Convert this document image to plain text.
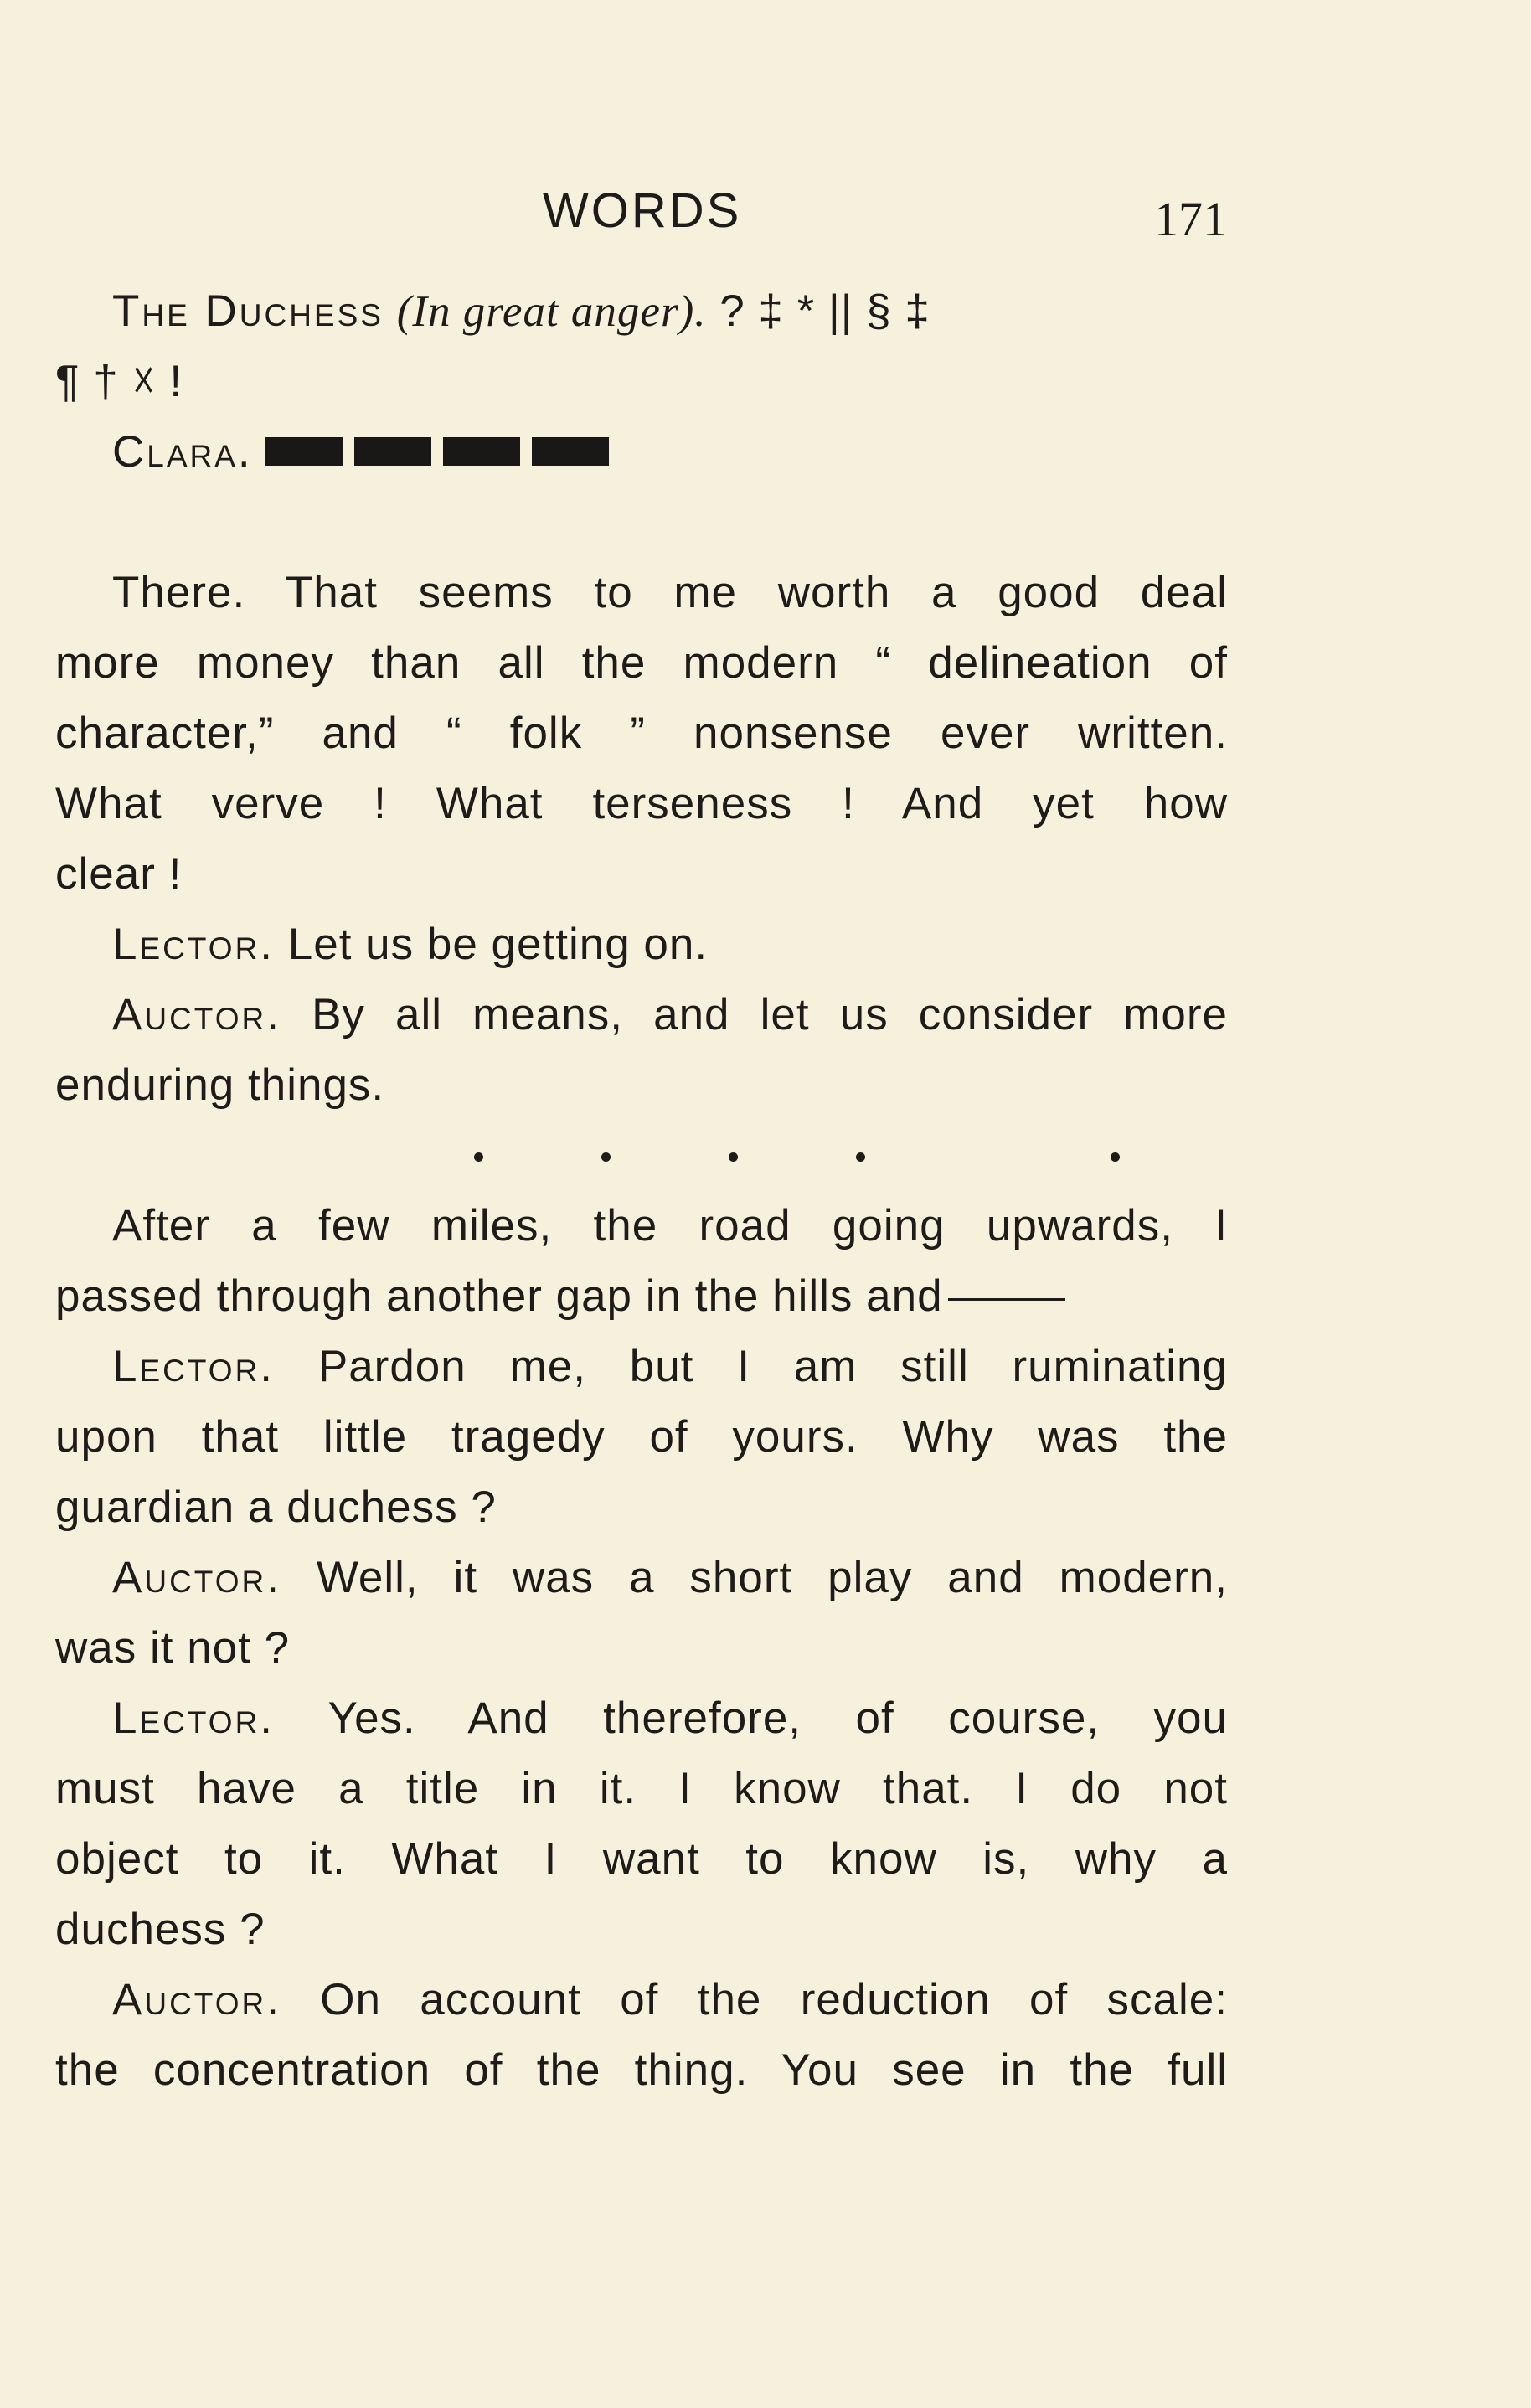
WORDS	171
The Duchess (In great anger). ? ‡ * || § ‡
¶ † ☓ !
Clara.
There. That seems to me worth a good deal
more money than all the modern “ delineation of
character,” and “ folk ” nonsense ever written.
What verve ! What terseness ! And yet how
clear !
Lector. Let us be getting on.
Auctor. By all means, and let us consider more
enduring things.
After a few miles, the road going upwards, I
passed through another gap in the hills and
Lector. Pardon me, but I am still ruminating
upon that little tragedy of yours. Why was the
guardian a duchess ?
Auctor. Well, it was a short play and modern,
was it not ?
Lector. Yes. And therefore, of course, you
must have a title in it. I know that. I do not
object to it. What I want to know is, why a
duchess ?
Auctor. On account of the reduction of scale:
the concentration of the thing. You see in the full
